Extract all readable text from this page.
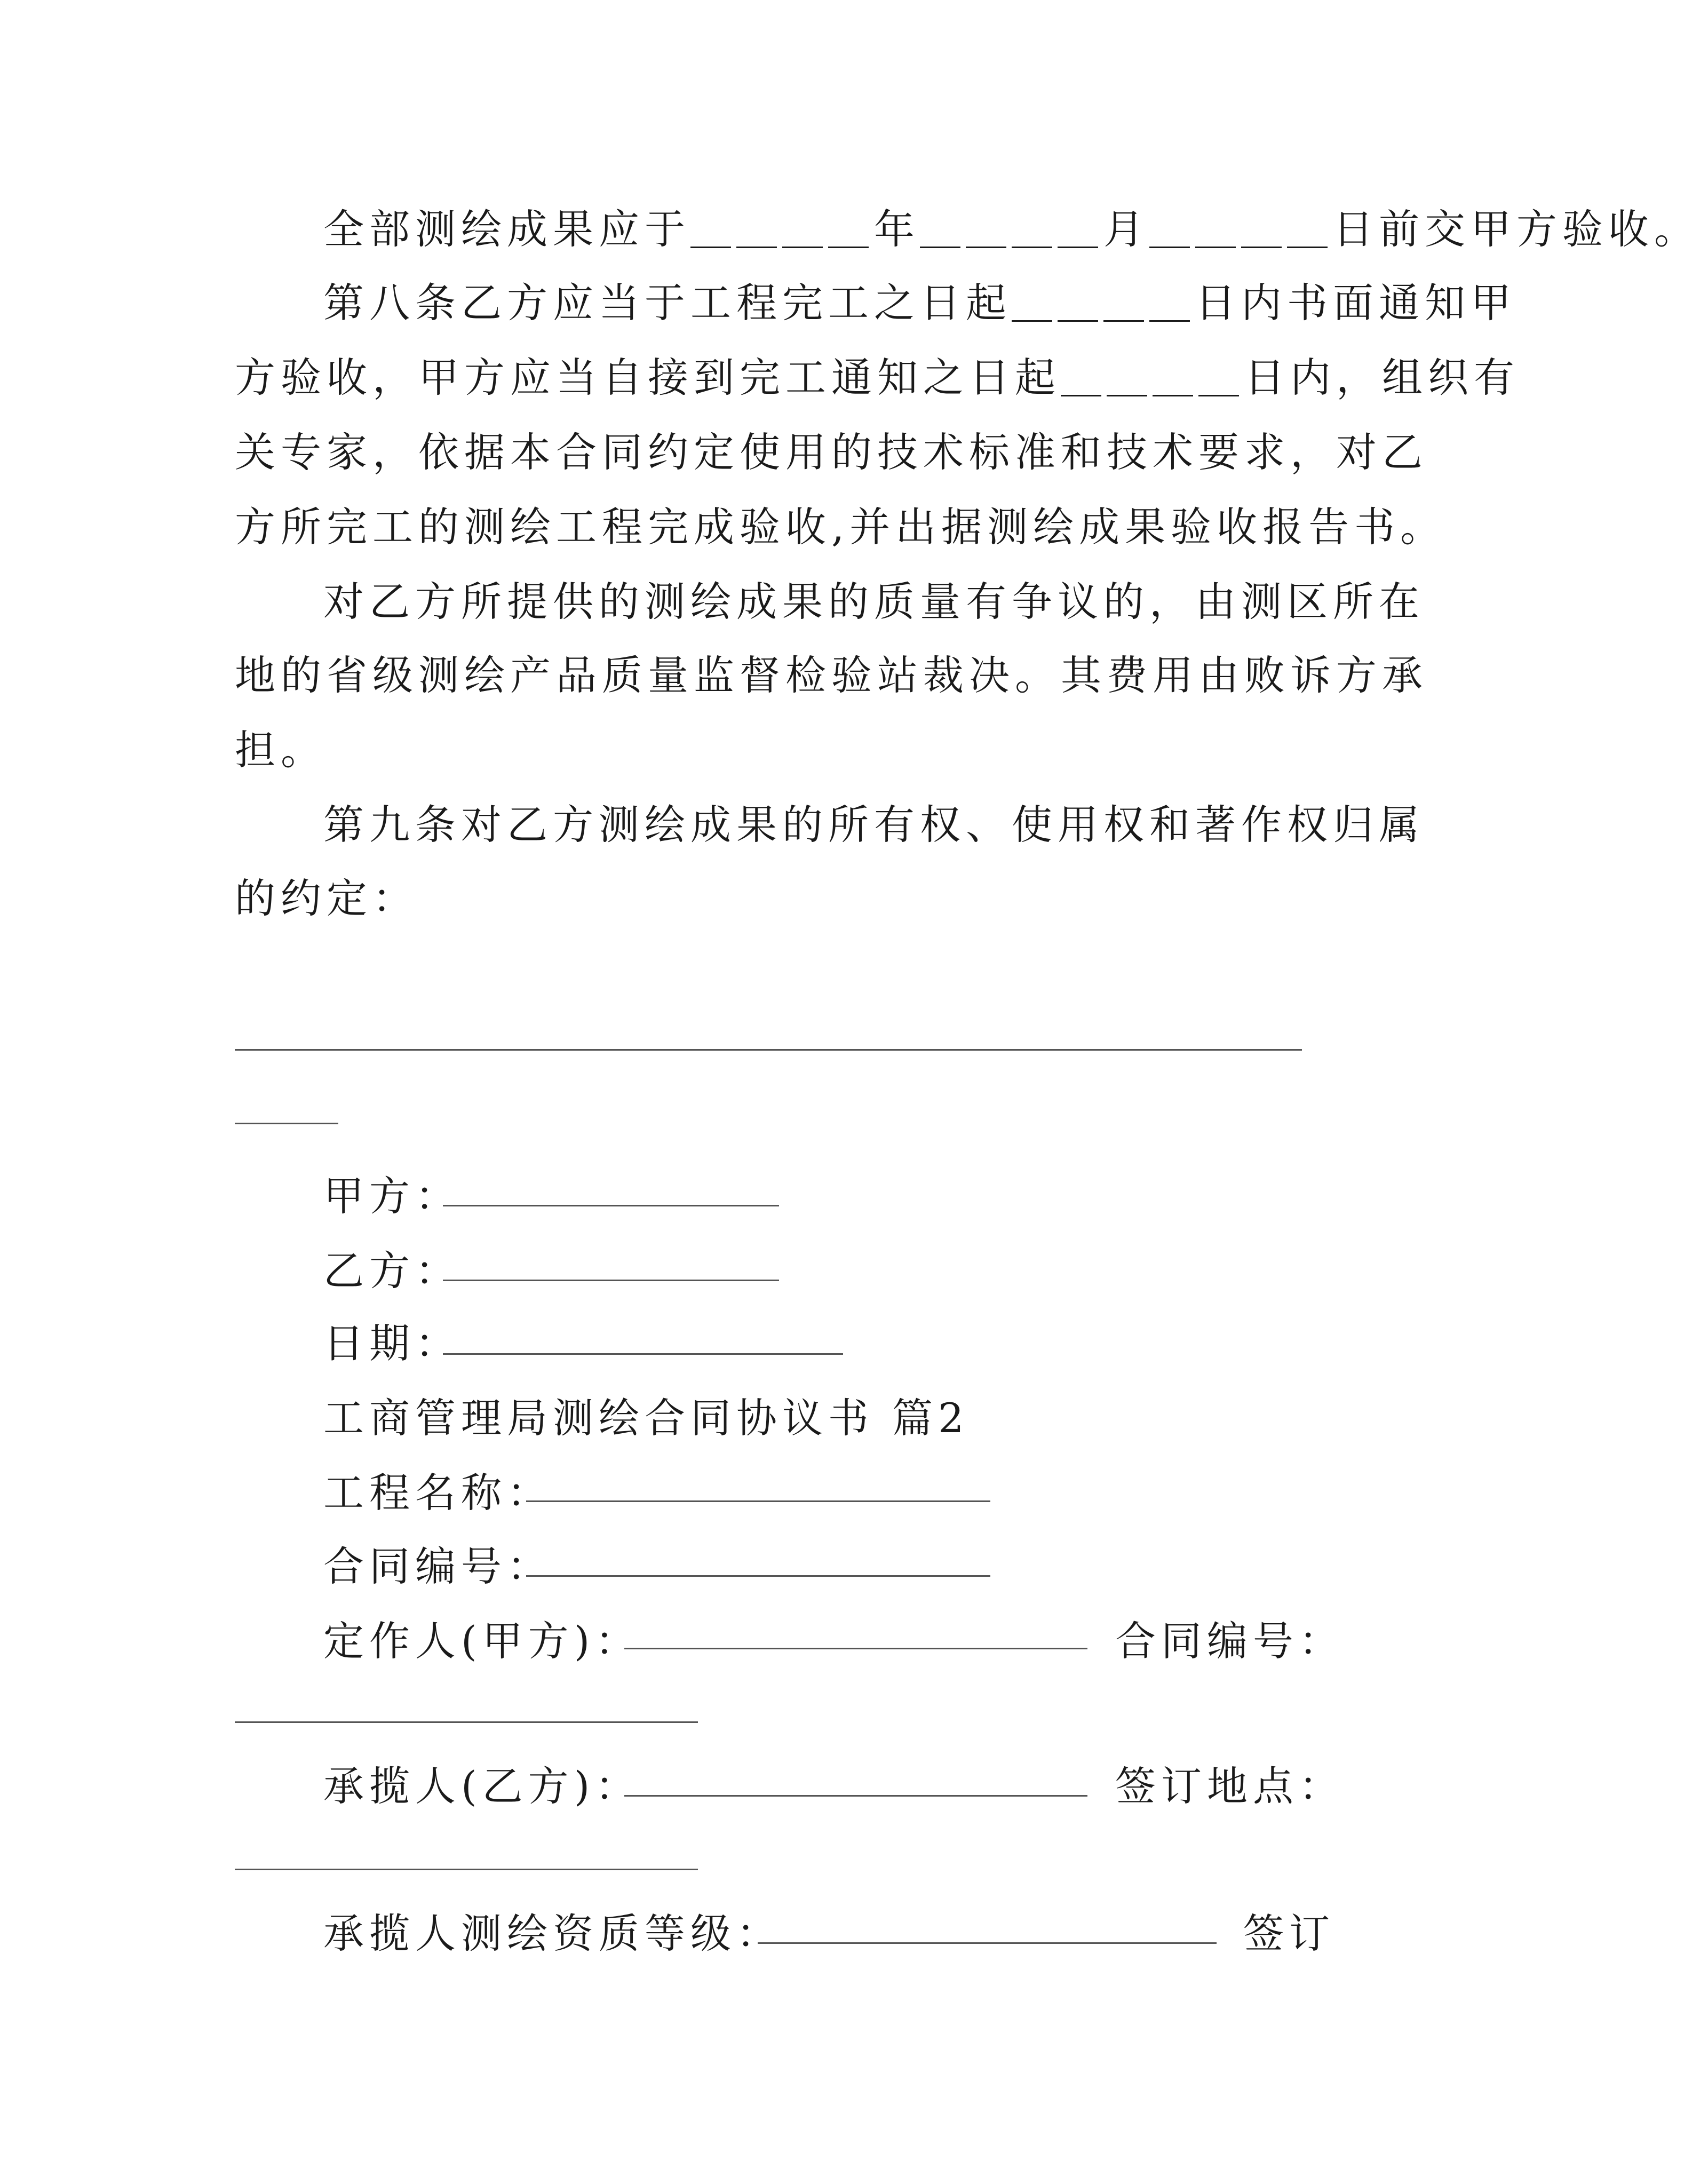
全部测绘成果应于＿＿＿＿年＿＿＿＿月＿＿＿＿日前交甲方验收。
第八条乙方应当于工程完工之日起＿＿＿＿日内书面通知甲
方验收，甲方应当自接到完工通知之日起＿＿＿＿日内，组织有
关专家，依据本合同约定使用的技术标准和技术要求，对乙
方所完工的测绘工程完成验收,并出据测绘成果验收报告书。
对乙方所提供的测绘成果的质量有争议的，由测区所在
地的省级测绘产品质量监督检验站裁决。其费用由败诉方承
担。
第九条对乙方测绘成果的所有权、使用权和著作权归属
的约定：
甲方：
乙方：
日期：
工商管理局测绘合同协议书 篇2
工程名称：
合同编号：
定作人(甲方)：	合同编号：
承揽人(乙方)：	签订地点：
承揽人测绘资质等级：	签订
